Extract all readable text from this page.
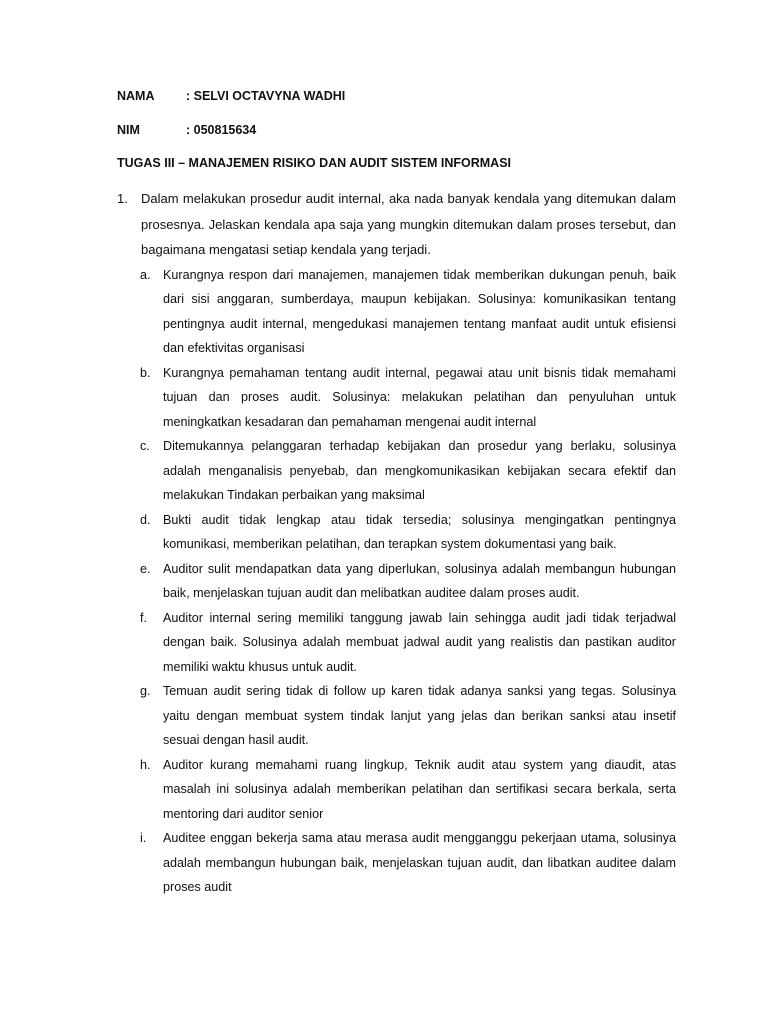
NAMA	: SELVI OCTAVYNA WADHI
NIM	: 050815634
TUGAS III – MANAJEMEN RISIKO DAN AUDIT SISTEM INFORMASI
1. Dalam melakukan prosedur audit internal, aka nada banyak kendala yang ditemukan dalam prosesnya. Jelaskan kendala apa saja yang mungkin ditemukan dalam proses tersebut, dan bagaimana mengatasi setiap kendala yang terjadi.
a. Kurangnya respon dari manajemen, manajemen tidak memberikan dukungan penuh, baik dari sisi anggaran, sumberdaya, maupun kebijakan. Solusinya: komunikasikan tentang pentingnya audit internal, mengedukasi manajemen tentang manfaat audit untuk efisiensi dan efektivitas organisasi
b. Kurangnya pemahaman tentang audit internal, pegawai atau unit bisnis tidak memahami tujuan dan proses audit. Solusinya: melakukan pelatihan dan penyuluhan untuk meningkatkan kesadaran dan pemahaman mengenai audit internal
c. Ditemukannya pelanggaran terhadap kebijakan dan prosedur yang berlaku, solusinya adalah menganalisis penyebab, dan mengkomunikasikan kebijakan secara efektif dan melakukan Tindakan perbaikan yang maksimal
d. Bukti audit tidak lengkap atau tidak tersedia; solusinya mengingatkan pentingnya komunikasi, memberikan pelatihan, dan terapkan system dokumentasi yang baik.
e. Auditor sulit mendapatkan data yang diperlukan, solusinya adalah membangun hubungan baik, menjelaskan tujuan audit dan melibatkan auditee dalam proses audit.
f. Auditor internal sering memiliki tanggung jawab lain sehingga audit jadi tidak terjadwal dengan baik. Solusinya adalah membuat jadwal audit yang realistis dan pastikan auditor memiliki waktu khusus untuk audit.
g. Temuan audit sering tidak di follow up karen tidak adanya sanksi yang tegas. Solusinya yaitu dengan membuat system tindak lanjut yang jelas dan berikan sanksi atau insetif sesuai dengan hasil audit.
h. Auditor kurang memahami ruang lingkup, Teknik audit atau system yang diaudit, atas masalah ini solusinya adalah memberikan pelatihan dan sertifikasi secara berkala, serta mentoring dari auditor senior
i. Auditee enggan bekerja sama atau merasa audit mengganggu pekerjaan utama, solusinya adalah membangun hubungan baik, menjelaskan tujuan audit, dan libatkan auditee dalam proses audit
